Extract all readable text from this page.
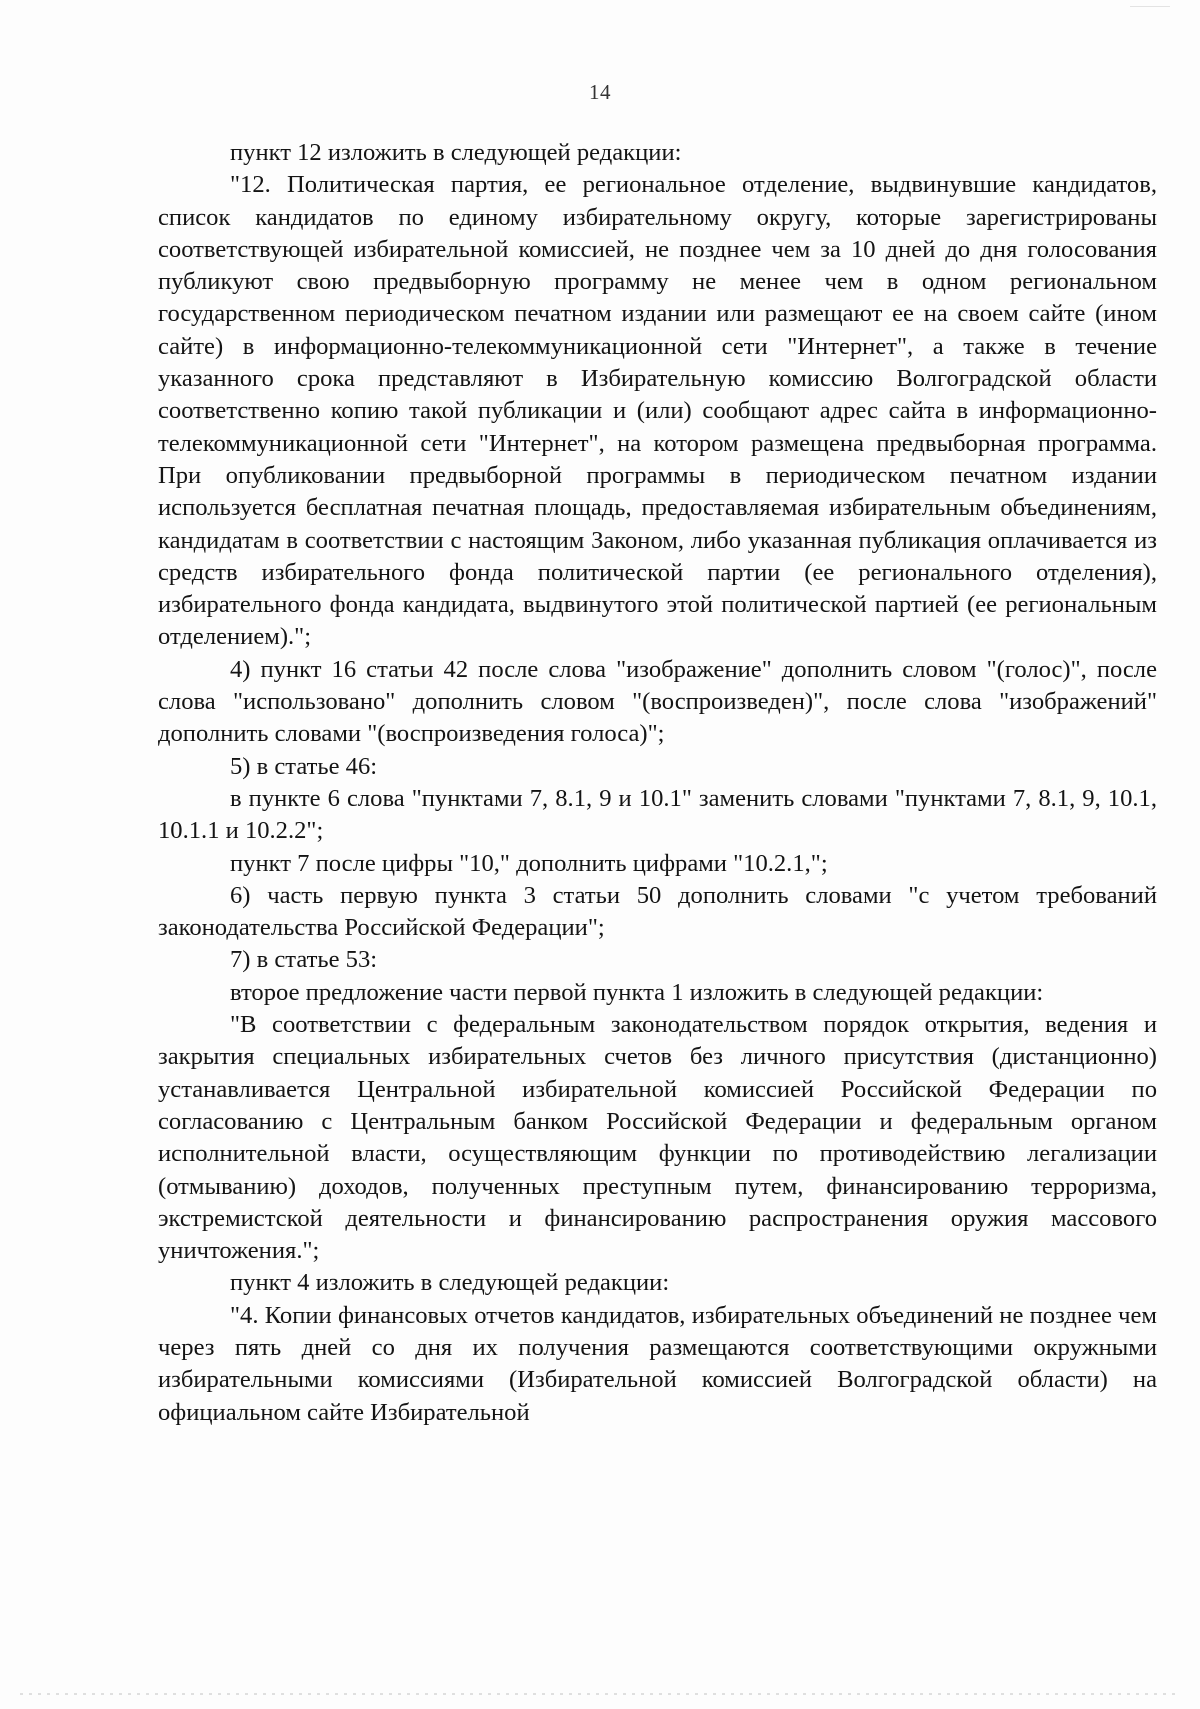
14

пункт 12 изложить в следующей редакции:

"12. Политическая партия, ее региональное отделение, выдвинувшие кандидатов, список кандидатов по единому избирательному округу, которые зарегистрированы соответствующей избирательной комиссией, не позднее чем за 10 дней до дня голосования публикуют свою предвыборную программу не менее чем в одном региональном государственном периодическом печатном издании или размещают ее на своем сайте (ином сайте) в информационно-телекоммуникационной сети "Интернет", а также в течение указанного срока представляют в Избирательную комиссию Волгоградской области соответственно копию такой публикации и (или) сообщают адрес сайта в информационно-телекоммуникационной сети "Интернет", на котором размещена предвыборная программа. При опубликовании предвыборной программы в периодическом печатном издании используется бесплатная печатная площадь, предоставляемая избирательным объединениям, кандидатам в соответствии с настоящим Законом, либо указанная публикация оплачивается из средств избирательного фонда политической партии (ее регионального отделения), избирательного фонда кандидата, выдвинутого этой политической партией (ее региональным отделением).";

4) пункт 16 статьи 42 после слова "изображение" дополнить словом "(голос)", после слова "использовано" дополнить словом "(воспроизведен)", после слова "изображений" дополнить словами "(воспроизведения голоса)";

5) в статье 46:

в пункте 6 слова "пунктами 7, 8.1, 9 и 10.1" заменить словами "пунктами 7, 8.1, 9, 10.1, 10.1.1 и 10.2.2";

пункт 7 после цифры "10," дополнить цифрами "10.2.1,";

6) часть первую пункта 3 статьи 50 дополнить словами "с учетом требований законодательства Российской Федерации";

7) в статье 53:

второе предложение части первой пункта 1 изложить в следующей редакции:

"В соответствии с федеральным законодательством порядок открытия, ведения и закрытия специальных избирательных счетов без личного присутствия (дистанционно) устанавливается Центральной избирательной комиссией Российской Федерации по согласованию с Центральным банком Российской Федерации и федеральным органом исполнительной власти, осуществляющим функции по противодействию легализации (отмыванию) доходов, полученных преступным путем, финансированию терроризма, экстремистской деятельности и финансированию распространения оружия массового уничтожения.";

пункт 4 изложить в следующей редакции:

"4. Копии финансовых отчетов кандидатов, избирательных объединений не позднее чем через пять дней со дня их получения размещаются соответствующими окружными избирательными комиссиями (Избирательной комиссией Волгоградской области) на официальном сайте Избирательной
